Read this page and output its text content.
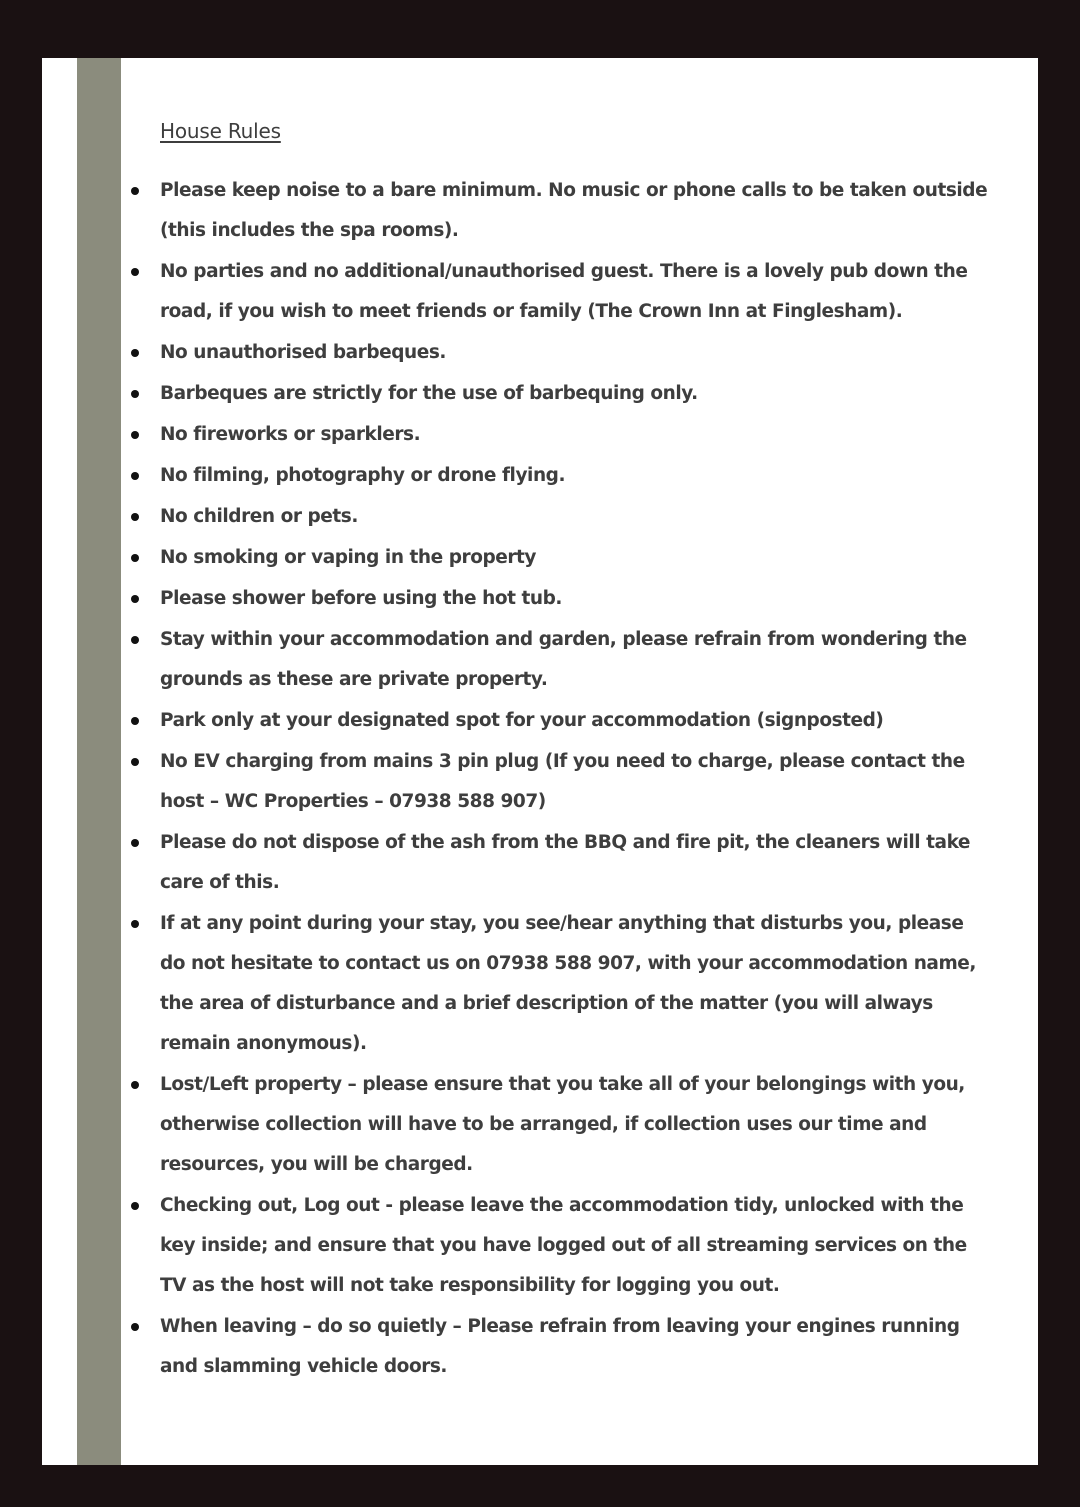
House Rules
Please keep noise to a bare minimum. No music or phone calls to be taken outside (this includes the spa rooms).
No parties and no additional/unauthorised guest. There is a lovely pub down the road, if you wish to meet friends or family (The Crown Inn at Finglesham).
No unauthorised barbeques.
Barbeques are strictly for the use of barbequing only.
No fireworks or sparklers.
No filming, photography or drone flying.
No children or pets.
No smoking or vaping in the property
Please shower before using the hot tub.
Stay within your accommodation and garden, please refrain from wondering the grounds as these are private property.
Park only at your designated spot for your accommodation (signposted)
No EV charging from mains 3 pin plug (If you need to charge, please contact the host – WC Properties – 07938 588 907)
Please do not dispose of the ash from the BBQ and fire pit, the cleaners will take care of this.
If at any point during your stay, you see/hear anything that disturbs you, please do not hesitate to contact us on 07938 588 907, with your accommodation name, the area of disturbance and a brief description of the matter (you will always remain anonymous).
Lost/Left property – please ensure that you take all of your belongings with you, otherwise collection will have to be arranged, if collection uses our time and resources, you will be charged.
Checking out, Log out - please leave the accommodation tidy, unlocked with the key inside; and ensure that you have logged out of all streaming services on the TV as the host will not take responsibility for logging you out.
When leaving – do so quietly – Please refrain from leaving your engines running and slamming vehicle doors.
